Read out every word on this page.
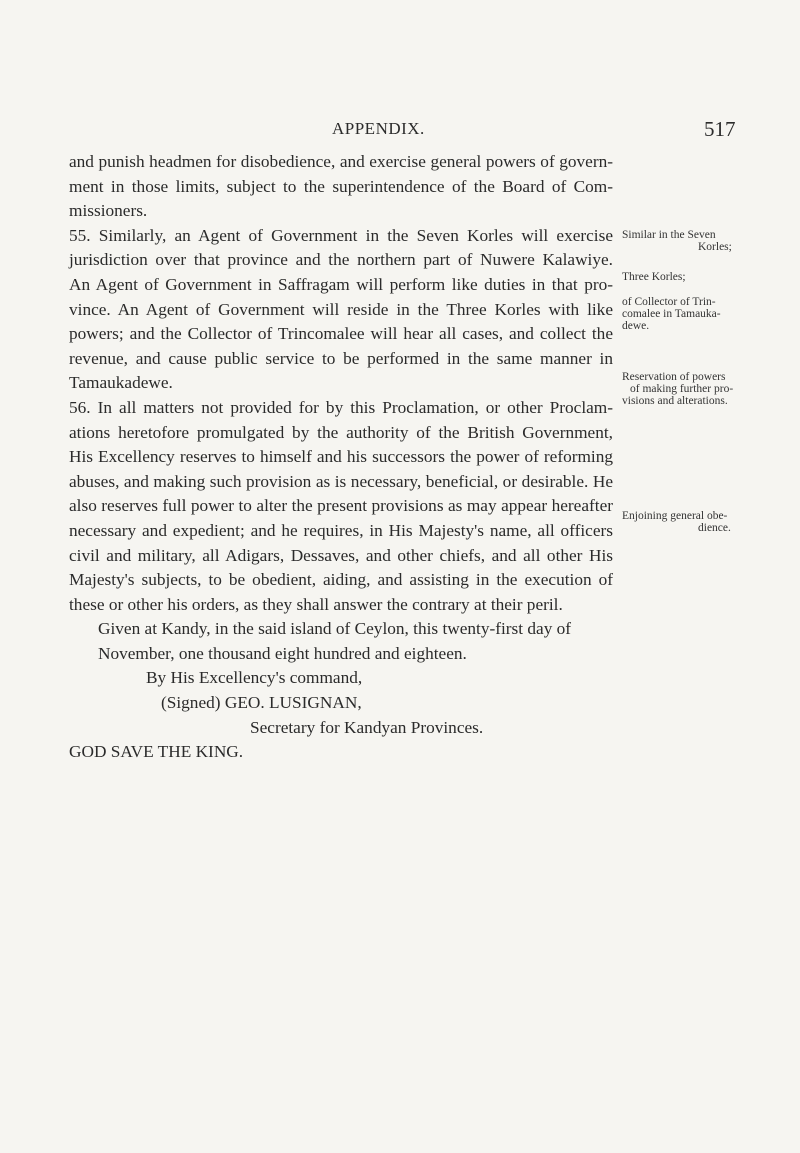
APPENDIX.	517
and punish headmen for disobedience, and exercise general powers of govern-
ment in those limits, subject to the superintendence of the Board of Com-
missioners.
55. Similarly, an Agent of Government in the Seven Korles will exercise
jurisdiction over that province and the northern part of Nuwere Kalawiye.
An Agent of Government in Saffragam will perform like duties in that pro-
vince. An Agent of Government will reside in the Three Korles with like
powers; and the Collector of Trincomalee will hear all cases, and collect the
revenue, and cause public service to be performed in the same manner in
Tamaukadewe.
56. In all matters not provided for by this Proclamation, or other Proclam-
ations heretofore promulgated by the authority of the British Government,
His Excellency reserves to himself and his successors the power of reforming
abuses, and making such provision as is necessary, beneficial, or desirable. He
also reserves full power to alter the present provisions as may appear hereafter
necessary and expedient; and he requires, in His Majesty's name, all officers
civil and military, all Adigars, Dessaves, and other chiefs, and all other His
Majesty's subjects, to be obedient, aiding, and assisting in the execution of
these or other his orders, as they shall answer the contrary at their peril.
Given at Kandy, in the said island of Ceylon, this twenty-first day of
November, one thousand eight hundred and eighteen.
By His Excellency's command,
(Signed) GEO. LUSIGNAN,
Secretary for Kandyan Provinces.
GOD SAVE THE KING.
Similar in the Seven
Korles;
Three Korles;
of Collector of Trin-
comalee in Tamauka-
dewe.
Reservation of powers
of making further pro-
visions and alterations.
Enjoining general obe-
dience.
